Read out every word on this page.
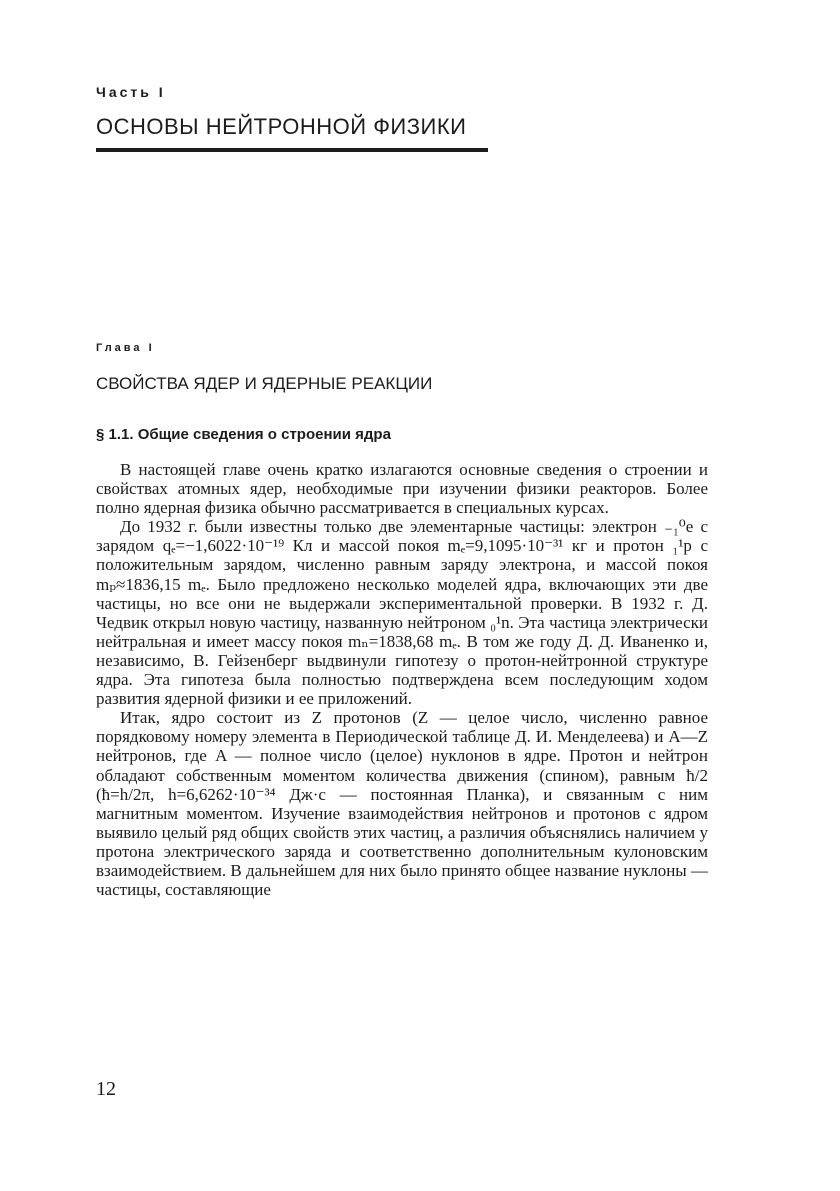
Часть I
ОСНОВЫ НЕЙТРОННОЙ ФИЗИКИ
Глава I
СВОЙСТВА ЯДЕР И ЯДЕРНЫЕ РЕАКЦИИ
§ 1.1. Общие сведения о строении ядра

В настоящей главе очень кратко излагаются основные сведения о строении и свойствах атомных ядер, необходимые при изучении физики реакторов. Более полно ядерная физика обычно рассматривается в специальных курсах.

До 1932 г. были известны только две элементарные частицы: электрон ₋₁⁰e с зарядом qₑ=−1,6022·10⁻¹⁹ Кл и массой покоя mₑ=9,1095·10⁻³¹ кг и протон ₁¹p с положительным зарядом, численно равным заряду электрона, и массой покоя mₚ≈1836,15 mₑ. Было предложено несколько моделей ядра, включающих эти две частицы, но все они не выдержали экспериментальной проверки. В 1932 г. Д. Чедвик открыл новую частицу, названную нейтроном ₀¹n. Эта частица электрически нейтральная и имеет массу покоя mₙ=1838,68 mₑ. В том же году Д. Д. Иваненко и, независимо, В. Гейзенберг выдвинули гипотезу о протон-нейтронной структуре ядра. Эта гипотеза была полностью подтверждена всем последующим ходом развития ядерной физики и ее приложений.

Итак, ядро состоит из Z протонов (Z — целое число, численно равное порядковому номеру элемента в Периодической таблице Д. И. Менделеева) и A—Z нейтронов, где A — полное число (целое) нуклонов в ядре. Протон и нейтрон обладают собственным моментом количества движения (спином), равным ħ/2 (ħ=h/2π, h=6,6262·10⁻³⁴ Дж·с — постоянная Планка), и связанным с ним магнитным моментом. Изучение взаимодействия нейтронов и протонов с ядром выявило целый ряд общих свойств этих частиц, а различия объяснялись наличием у протона электрического заряда и соответственно дополнительным кулоновским взаимодействием. В дальнейшем для них было принято общее название нуклоны — частицы, составляющие

12
